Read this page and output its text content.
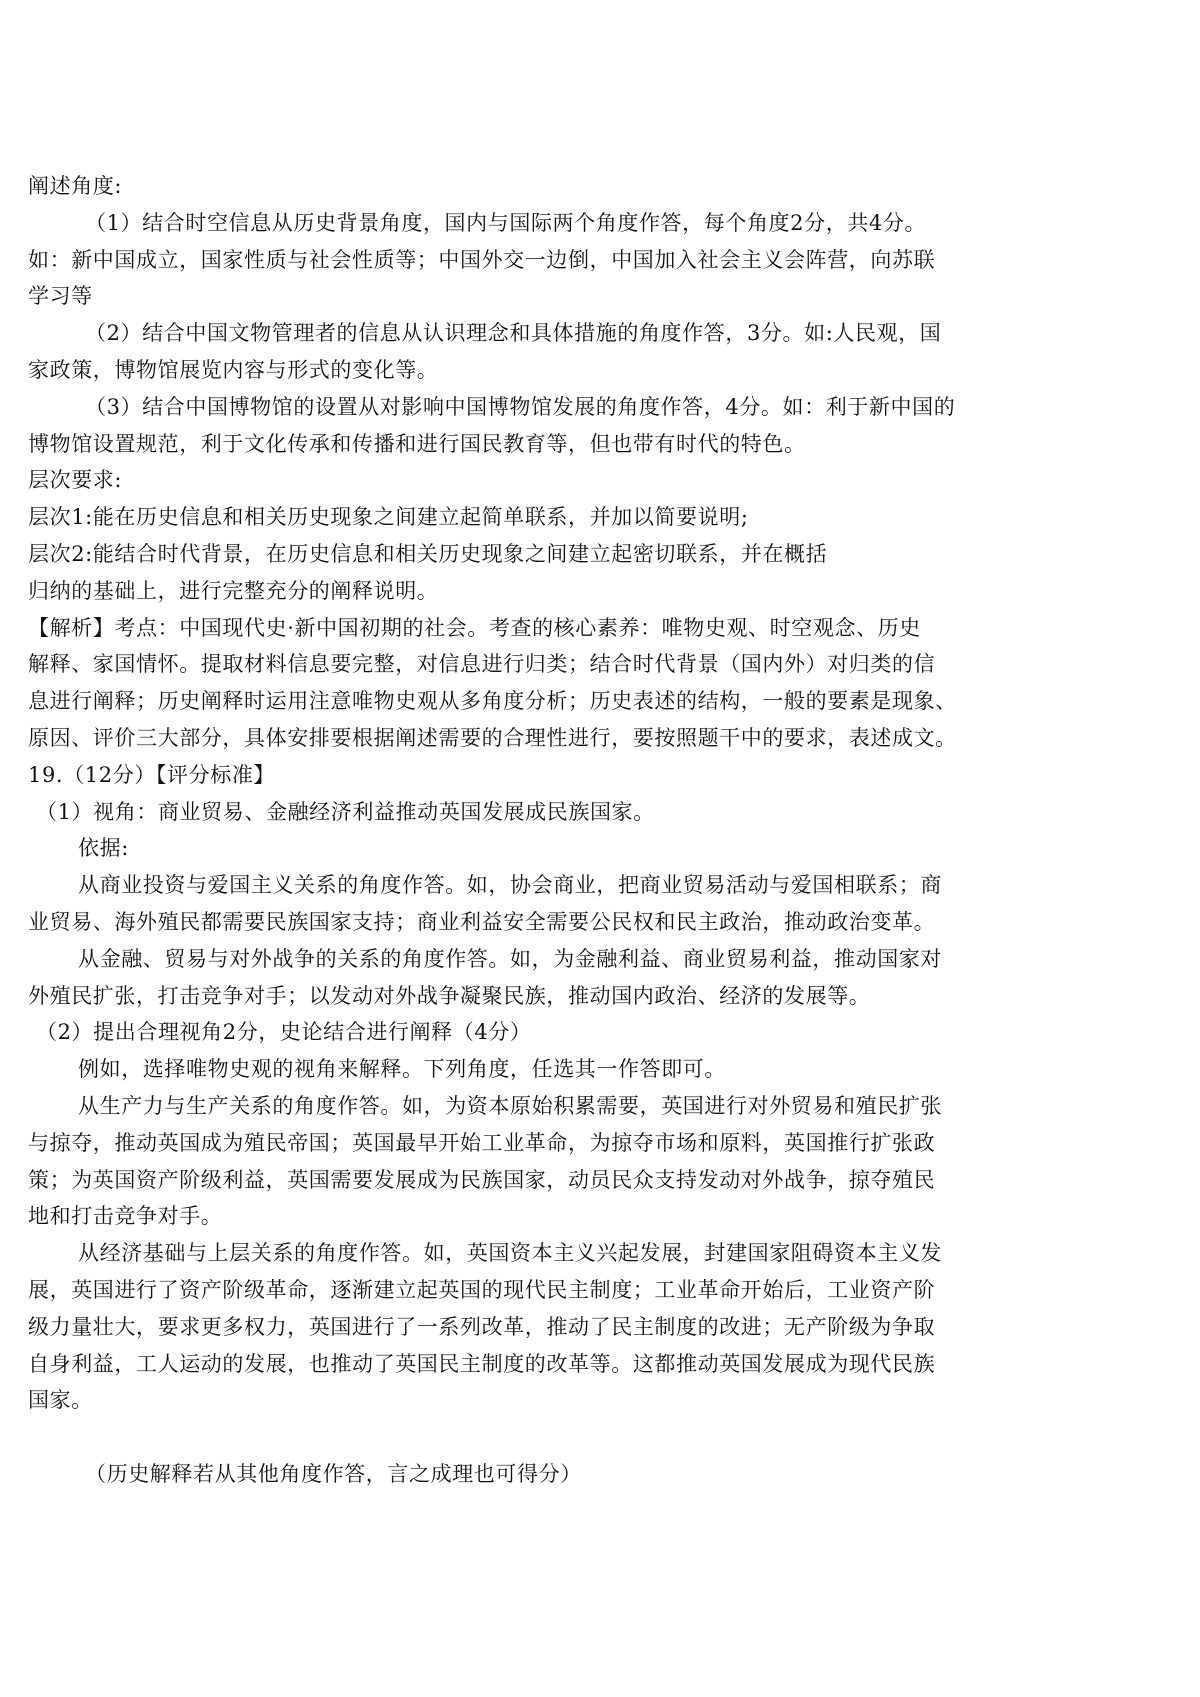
阐述角度:
（1）结合时空信息从历史背景角度，国内与国际两个角度作答，每个角度2分，共4分。
如：新中国成立，国家性质与社会性质等；中国外交一边倒，中国加入社会主义会阵营，向苏联
学习等
（2）结合中国文物管理者的信息从认识理念和具体措施的角度作答，3分。如:人民观，国
家政策，博物馆展览内容与形式的变化等。
（3）结合中国博物馆的设置从对影响中国博物馆发展的角度作答，4分。如：利于新中国的
博物馆设置规范，利于文化传承和传播和进行国民教育等，但也带有时代的特色。
层次要求:
层次1:能在历史信息和相关历史现象之间建立起简单联系，并加以简要说明;
层次2:能结合时代背景，在历史信息和相关历史现象之间建立起密切联系，并在概括
归纳的基础上，进行完整充分的阐释说明。
【解析】考点：中国现代史·新中国初期的社会。考查的核心素养：唯物史观、时空观念、历史
解释、家国情怀。提取材料信息要完整，对信息进行归类；结合时代背景（国内外）对归类的信
息进行阐释；历史阐释时运用注意唯物史观从多角度分析；历史表述的结构，一般的要素是现象、
原因、评价三大部分，具体安排要根据阐述需要的合理性进行，要按照题干中的要求，表述成文。
19.（12分）【评分标准】
（1）视角：商业贸易、金融经济利益推动英国发展成民族国家。
依据:
从商业投资与爱国主义关系的角度作答。如，协会商业，把商业贸易活动与爱国相联系；商
业贸易、海外殖民都需要民族国家支持；商业利益安全需要公民权和民主政治，推动政治变革。
从金融、贸易与对外战争的关系的角度作答。如，为金融利益、商业贸易利益，推动国家对
外殖民扩张，打击竞争对手；以发动对外战争凝聚民族，推动国内政治、经济的发展等。
（2）提出合理视角2分，史论结合进行阐释（4分）
例如，选择唯物史观的视角来解释。下列角度，任选其一作答即可。
从生产力与生产关系的角度作答。如，为资本原始积累需要，英国进行对外贸易和殖民扩张
与掠夺，推动英国成为殖民帝国；英国最早开始工业革命，为掠夺市场和原料，英国推行扩张政
策；为英国资产阶级利益，英国需要发展成为民族国家，动员民众支持发动对外战争，掠夺殖民
地和打击竞争对手。
从经济基础与上层关系的角度作答。如，英国资本主义兴起发展，封建国家阻碍资本主义发
展，英国进行了资产阶级革命，逐渐建立起英国的现代民主制度；工业革命开始后，工业资产阶
级力量壮大，要求更多权力，英国进行了一系列改革，推动了民主制度的改进；无产阶级为争取
自身利益，工人运动的发展，也推动了英国民主制度的改革等。这都推动英国发展成为现代民族
国家。
（历史解释若从其他角度作答，言之成理也可得分）
